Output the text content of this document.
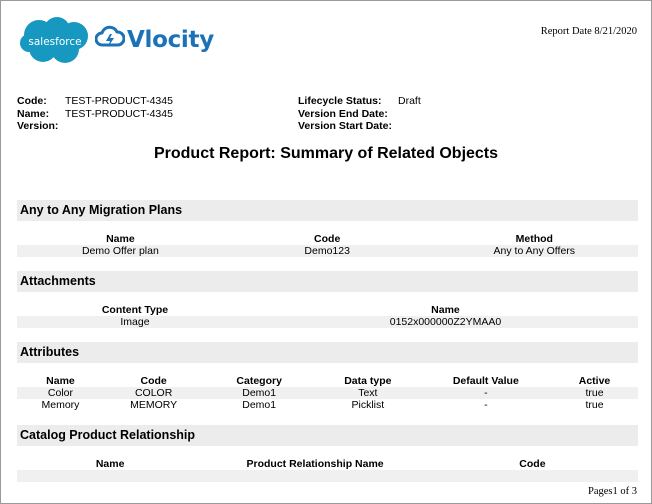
salesforce Vlocity	Report Date 8/21/2020
Code:	TEST-PRODUCT-4345
Name:	TEST-PRODUCT-4345
Version:
Lifecycle Status:	Draft
Version End Date:
Version Start Date:
Product Report: Summary of Related Objects
Any to Any Migration Plans
Name	Code	Method
Demo Offer plan	Demo123	Any to Any Offers
Attachments
Content Type	Name
Image	0152x000000Z2YMAA0
Attributes
Name	Code	Category	Data type	Default Value	Active
Color	COLOR	Demo1	Text	-	true
Memory	MEMORY	Demo1	Picklist	-	true
Catalog Product Relationship
Name	Product Relationship Name	Code

Pages1 of 3
